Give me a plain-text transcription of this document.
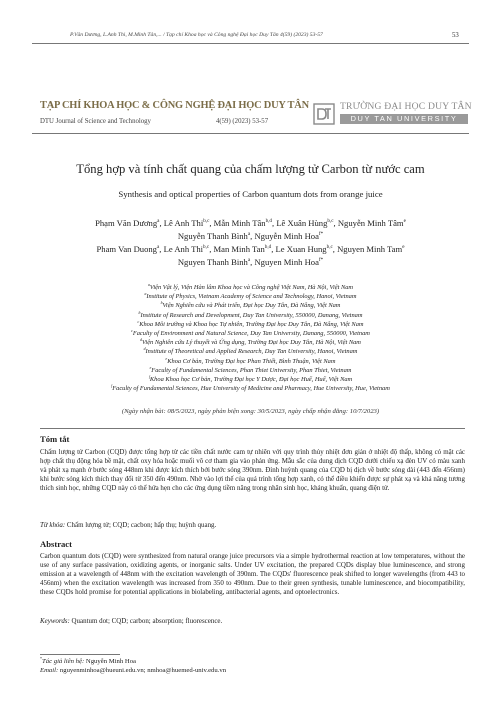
P.Văn Dương, L.Anh Thi, M.Minh Tân,... / Tạp chí Khoa học và Công nghệ Đại học Duy Tân 4(59) (2023) 53-57	53
TẠP CHÍ KHOA HỌC & CÔNG NGHỆ ĐẠI HỌC DUY TÂN
DTU Journal of Science and Technology	4(59) (2023) 53-57
TRƯỜNG ĐẠI HỌC DUY TÂN
DUY TAN UNIVERSITY
Tổng hợp và tính chất quang của chấm lượng tử Carbon từ nước cam
Synthesis and optical properties of Carbon quantum dots from orange juice
Phạm Văn Dương$^a$, Lê Anh Thi$^{b,c}$, Mẫn Minh Tân$^{b,d}$, Lê Xuân Hùng$^{b,c}$, Nguyễn Minh Tâm$^e$
Nguyễn Thanh Bình$^a$, Nguyễn Minh Hoa$^{f*}$
Pham Van Duong$^a$, Le Anh Thi$^{b,c}$, Man Minh Tan$^{b,d}$, Le Xuan Hung$^{b,c}$, Nguyen Minh Tam$^e$
Nguyen Thanh Binh$^a$, Nguyen Minh Hoa$^{f*}$
$^a$Viện Vật lý, Viện Hàn lâm Khoa học và Công nghệ Việt Nam, Hà Nội, Việt Nam
$^a$Institute of Physics, Vietnam Academy of Science and Technology, Hanoi, Vietnam
$^b$Viện Nghiên cứu và Phát triển, Đại học Duy Tân, Đà Nẵng, Việt Nam
$^b$Institute of Research and Development, Duy Tan University, 550000, Danang, Vietnam
$^c$Khoa Môi trường và Khoa học Tự nhiên, Trường Đại học Duy Tân, Đà Nẵng, Việt Nam
$^c$Faculty of Environment and Natural Science, Duy Tan University, Danang, 550000, Vietnam
$^d$Viện Nghiên cứu Lý thuyết và Ứng dụng, Trường Đại học Duy Tân, Hà Nội, Việt Nam
$^d$Institute of Theoretical and Applied Research, Duy Tan University, Hanoi, Vietnam
$^e$Khoa Cơ bản, Trường Đại học Phan Thiết, Bình Thuận, Việt Nam
$^e$Faculty of Fundamental Sciences, Phan Thiet University, Phan Thiet, Vietnam
$^f$Khoa Khoa học Cơ bản, Trường Đại học Y Dược, Đại học Huế, Huế, Việt Nam
$^f$Faculty of Fundamental Sciences, Hue University of Medicine and Pharmacy, Hue University, Hue, Vietnam
(Ngày nhận bài: 08/5/2023, ngày phản biện xong: 30/5/2023, ngày chấp nhận đăng: 10/7/2023)
Tóm tắt
Chấm lượng tử Carbon (CQD) được tổng hợp từ các tiền chất nước cam tự nhiên với quy trình thủy nhiệt đơn giản ở nhiệt độ thấp, không có mặt các hợp chất thụ động hóa bề mặt, chất oxy hóa hoặc muối vô cơ tham gia vào phản ứng. Mẫu sắc của dung dịch CQD dưới chiếu xạ đèn UV có màu xanh và phát xạ mạnh ở bước sóng 448nm khi được kích thích bởi bước sóng 390nm. Đỉnh huỳnh quang của CQD bị dịch về bước sóng dài (443 đến 456nm) khi bước sóng kích thích thay đổi từ 350 đến 490nm. Nhờ vào lợi thế của quá trình tổng hợp xanh, có thể điều khiển được sự phát xạ và khả năng tương thích sinh học, những CQD này có thể hứa hẹn cho các ứng dụng tiềm năng trong nhãn sinh học, kháng khuẩn, quang điện tử.
Từ khóa: Chấm lượng tử; CQD; cacbon; hấp thụ; huỳnh quang.
Abstract
Carbon quantum dots (CQD) were synthesized from natural orange juice precursors via a simple hydrothermal reaction at low temperatures, without the use of any surface passivation, oxidizing agents, or inorganic salts. Under UV excitation, the prepared CQDs display blue luminescence, and strong emission at a wavelength of 448nm with the excitation wavelength of 390nm. The CQDs' fluorescence peak shifted to longer wavelengths (from 443 to 456nm) when the excitation wavelength was increased from 350 to 490nm. Due to their green synthesis, tunable luminescence, and biocompatibility, these CQDs hold promise for potential applications in biolabeling, antibacterial agents, and optoelectronics.
Keywords: Quantum dot; CQD; carbon; absorption; fluorescence.
*Tác giả liên hệ: Nguyễn Minh Hoa
Email: nguyenminhoa@hueuni.edu.vn; nmhoa@huemed-univ.edu.vn
